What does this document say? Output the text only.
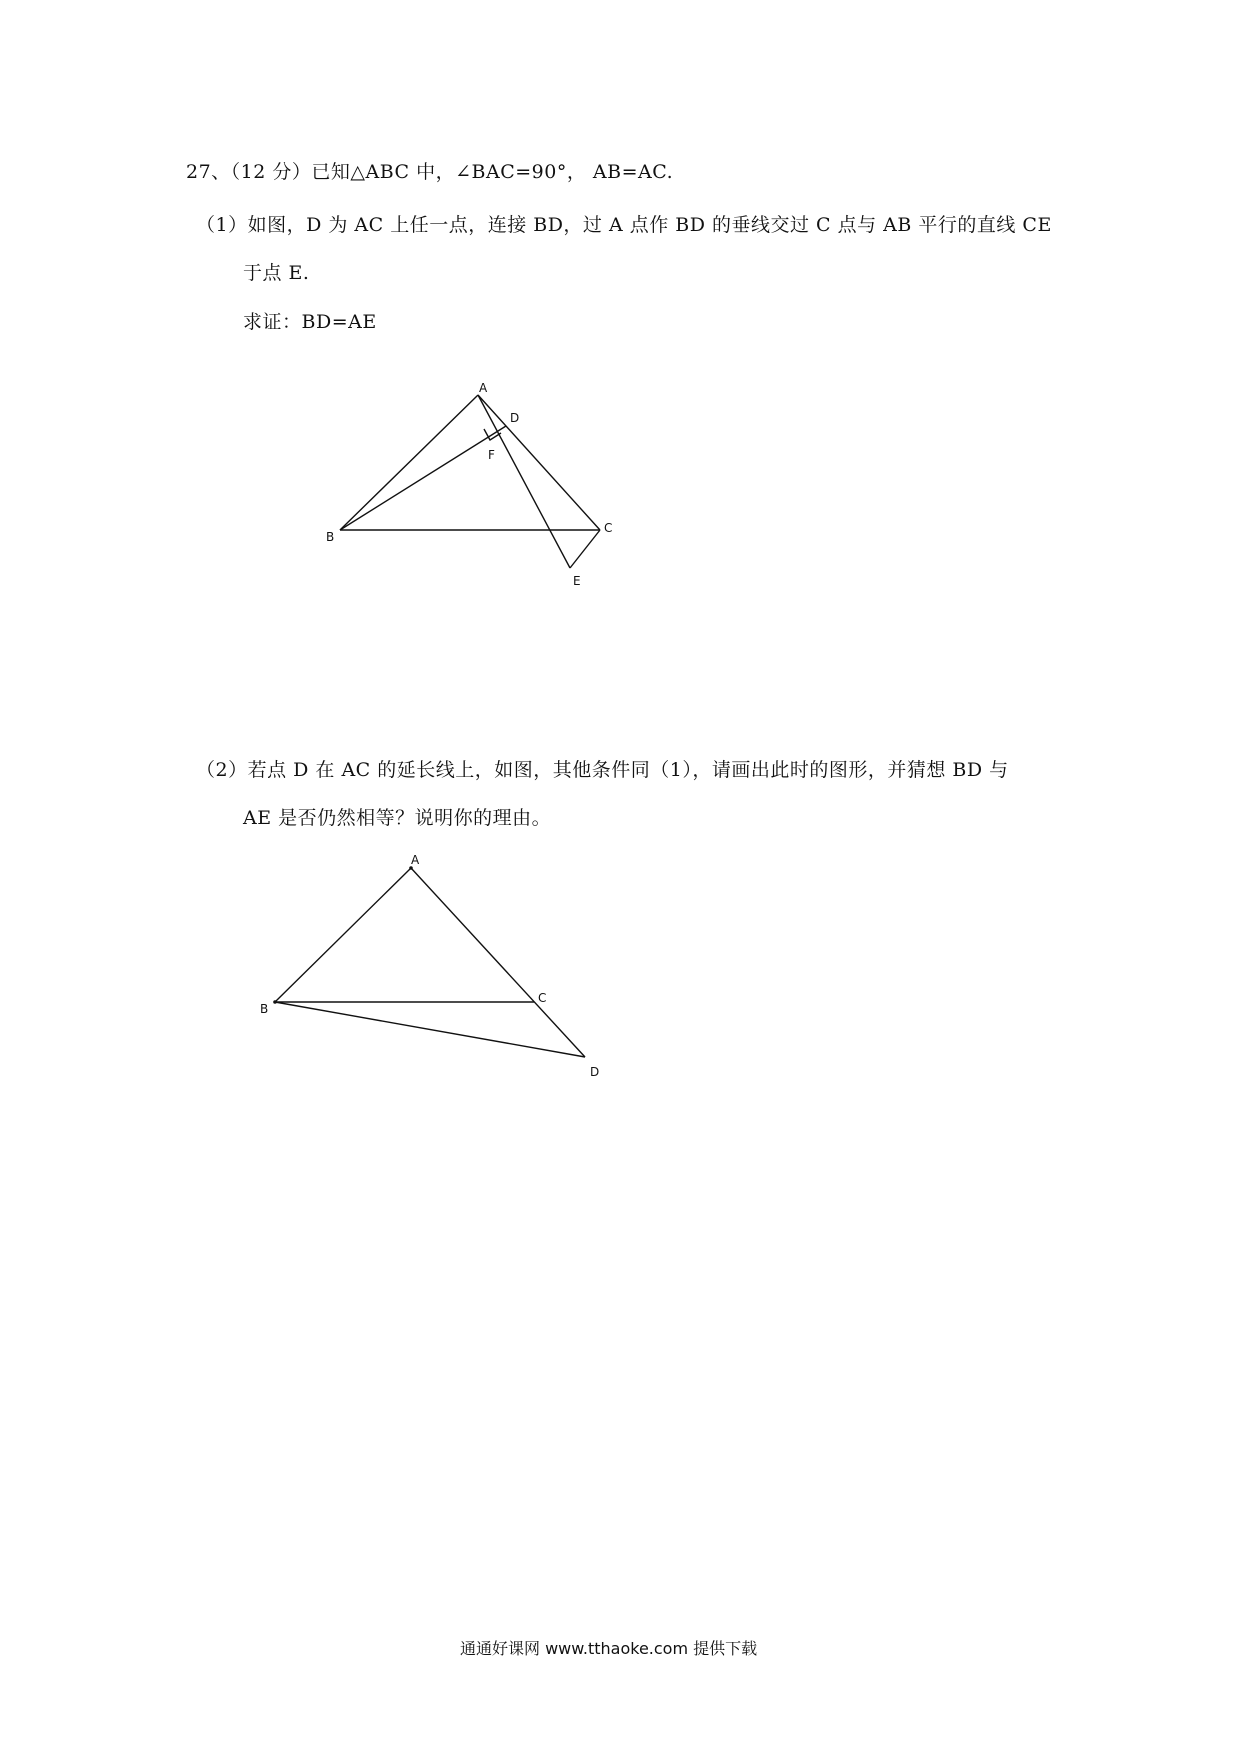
27、（12 分）已知△ABC 中，∠BAC=90°， AB=AC.
（1）如图，D 为 AC 上任一点，连接 BD，过 A 点作 BD 的垂线交过 C 点与 AB 平行的直线 CE
于点 E.
求证：BD=AE
A
B
C
D
E
F
（2）若点 D 在 AC 的延长线上，如图，其他条件同（1），请画出此时的图形，并猜想 BD 与
AE 是否仍然相等？说明你的理由。
A
B
C
D
通通好课网 www.tthaoke.com 提供下载
